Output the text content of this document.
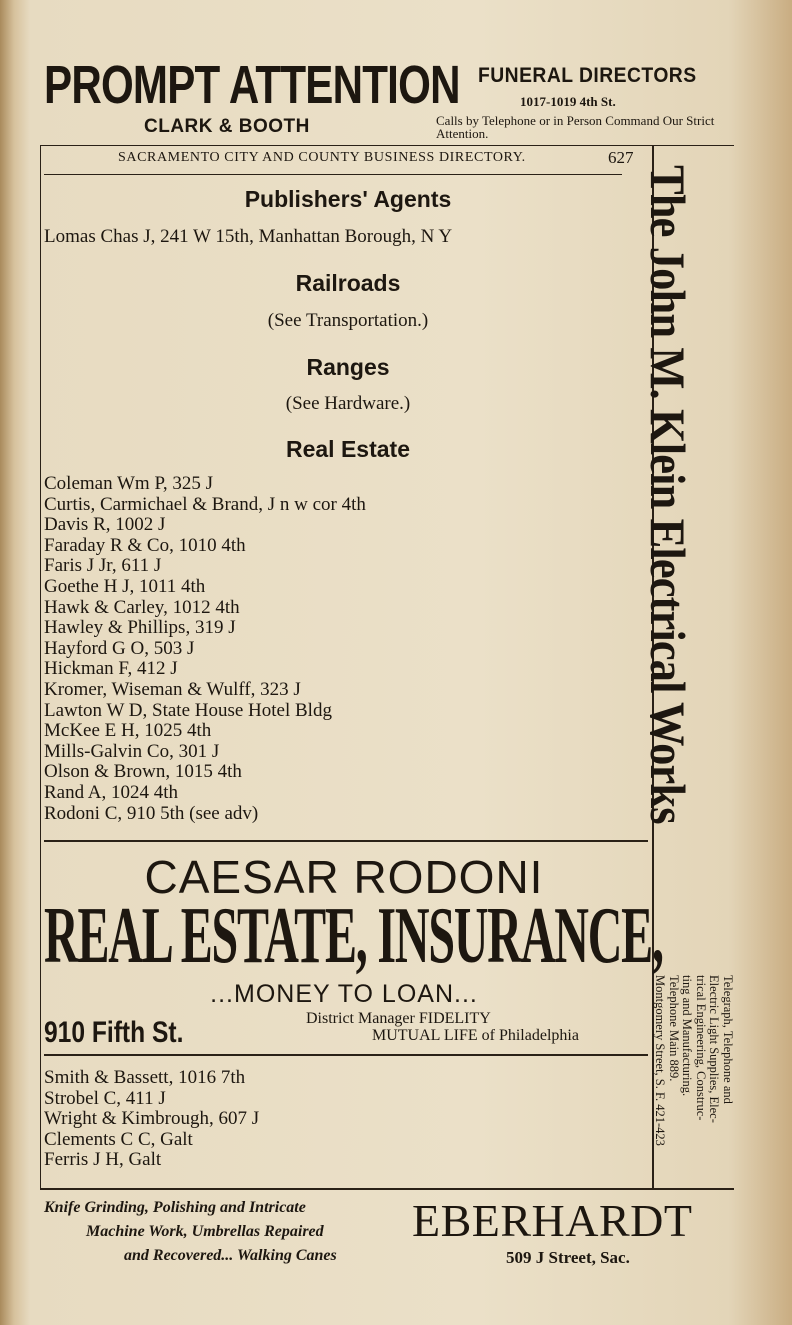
PROMPT ATTENTION
CLARK & BOOTH
FUNERAL DIRECTORS
1017-1019 4th St.
Calls by Telephone or in Person Command Our Strict Attention.
SACRAMENTO CITY AND COUNTY BUSINESS DIRECTORY.	627
Publishers' Agents
Lomas Chas J, 241 W 15th, Manhattan Borough, N Y
Railroads
(See Transportation.)
Ranges
(See Hardware.)
Real Estate
Coleman Wm P, 325 J
Curtis, Carmichael & Brand, J n w cor 4th
Davis R, 1002 J
Faraday R & Co, 1010 4th
Faris J Jr, 611 J
Goethe H J, 1011 4th
Hawk & Carley, 1012 4th
Hawley & Phillips, 319 J
Hayford G O, 503 J
Hickman F, 412 J
Kromer, Wiseman & Wulff, 323 J
Lawton W D, State House Hotel Bldg
McKee E H, 1025 4th
Mills-Galvin Co, 301 J
Olson & Brown, 1015 4th
Rand A, 1024 4th
Rodoni C, 910 5th (see adv)
CAESAR RODONI
REAL ESTATE, INSURANCE,
...MONEY TO LOAN...
910 Fifth St.	District Manager FIDELITY
MUTUAL LIFE of Philadelphia
Smith & Bassett, 1016 7th
Strobel C, 411 J
Wright & Kimbrough, 607 J
Clements C C, Galt
Ferris J H, Galt
The John M. Klein Electrical Works
Telegraph, Telephone and
Electric Light Supplies, Elec-
trical Engineering, Construc-
ting and Manufacturing.
Telephone Main 889.
Montgomery Street, S. F. 421-423
Knife Grinding, Polishing and Intricate
Machine Work, Umbrellas Repaired
and Recovered... Walking Canes
EBERHARDT
509 J Street, Sac.
